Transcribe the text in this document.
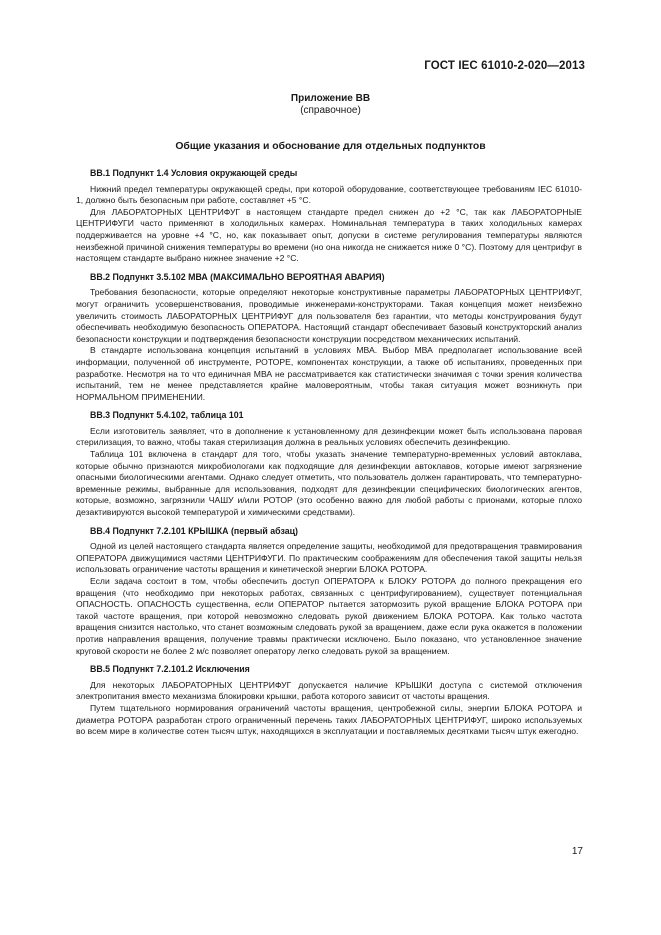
ГОСТ IEC 61010-2-020—2013
Приложение ВВ
(справочное)
Общие указания и обоснование для отдельных подпунктов

ВВ.1 Подпункт 1.4 Условия окружающей среды

Нижний предел температуры окружающей среды, при которой оборудование, соответствующее требованиям IEC 61010-1, должно быть безопасным при работе, составляет +5 °С.

Для ЛАБОРАТОРНЫХ ЦЕНТРИФУГ в настоящем стандарте предел снижен до +2 °С, так как ЛАБОРАТОРНЫЕ ЦЕНТРИФУГИ часто применяют в холодильных камерах. Номинальная температура в таких холодильных камерах поддерживается на уровне +4 °С, но, как показывает опыт, допуски в системе регулирования температуры являются неизбежной причиной снижения температуры во времени (но она никогда не снижается ниже 0 °С). Поэтому для центрифуг в настоящем стандарте выбрано нижнее значение +2 °С.

ВВ.2 Подпункт 3.5.102 МВА (МАКСИМАЛЬНО ВЕРОЯТНАЯ АВАРИЯ)

Требования безопасности, которые определяют некоторые конструктивные параметры ЛАБОРАТОРНЫХ ЦЕНТРИФУГ, могут ограничить усовершенствования, проводимые инженерами-конструкторами. Такая концепция может неизбежно увеличить стоимость ЛАБОРАТОРНЫХ ЦЕНТРИФУГ для пользователя без гарантии, что методы конструирования будут обеспечивать необходимую безопасность ОПЕРАТОРА. Настоящий стандарт обеспечивает базовый конструкторский анализ безопасности конструкции и подтверждения безопасности конструкции посредством механических испытаний.

В стандарте использована концепция испытаний в условиях МВА. Выбор МВА предполагает использование всей информации, полученной об инструменте, РОТОРЕ, компонентах конструкции, а также об испытаниях, проведенных при разработке. Несмотря на то что единичная МВА не рассматривается как статистически значимая с точки зрения количества испытаний, тем не менее представляется крайне маловероятным, чтобы такая ситуация может возникнуть при НОРМАЛЬНОМ ПРИМЕНЕНИИ.

ВВ.3 Подпункт 5.4.102, таблица 101

Если изготовитель заявляет, что в дополнение к установленному для дезинфекции может быть использована паровая стерилизация, то важно, чтобы такая стерилизация должна в реальных условиях обеспечить дезинфекцию.

Таблица 101 включена в стандарт для того, чтобы указать значение температурно-временных условий автоклава, которые обычно признаются микробиологами как подходящие для дезинфекции автоклавов, которые имеют загрязнение опасными биологическими агентами. Однако следует отметить, что пользователь должен гарантировать, что температурно-временные режимы, выбранные для использования, подходят для дезинфекции специфических биологических агентов, которые, возможно, загрязнили ЧАШУ и/или РОТОР (это особенно важно для любой работы с прионами, которые плохо дезактивируются высокой температурой и химическими средствами).

ВВ.4 Подпункт 7.2.101 КРЫШКА (первый абзац)

Одной из целей настоящего стандарта является определение защиты, необходимой для предотвращения травмирования ОПЕРАТОРА движущимися частями ЦЕНТРИФУГИ. По практическим соображениям для обеспечения такой защиты нельзя использовать ограничение частоты вращения и кинетической энергии БЛОКА РОТОРА.

Если задача состоит в том, чтобы обеспечить доступ ОПЕРАТОРА к БЛОКУ РОТОРА до полного прекращения его вращения (что необходимо при некоторых работах, связанных с центрифугированием), существует потенциальная ОПАСНОСТЬ. ОПАСНОСТЬ существенна, если ОПЕРАТОР пытается затормозить рукой вращение БЛОКА РОТОРА при такой частоте вращения, при которой невозможно следовать рукой движением БЛОКА РОТОРА. Как только частота вращения снизится настолько, что станет возможным следовать рукой за вращением, даже если рука окажется в положении против направления вращения, получение травмы практически исключено. Было показано, что установленное значение круговой скорости не более 2 м/с позволяет оператору легко следовать рукой за вращением.

ВВ.5 Подпункт 7.2.101.2 Исключения

Для некоторых ЛАБОРАТОРНЫХ ЦЕНТРИФУГ допускается наличие КРЫШКИ доступа с системой отключения электропитания вместо механизма блокировки крышки, работа которого зависит от частоты вращения.

Путем тщательного нормирования ограничений частоты вращения, центробежной силы, энергии БЛОКА РОТОРА и диаметра РОТОРА разработан строго ограниченный перечень таких ЛАБОРАТОРНЫХ ЦЕНТРИФУГ, широко используемых во всем мире в количестве сотен тысяч штук, находящихся в эксплуатации и поставляемых десятками тысяч штук ежегодно.

17
